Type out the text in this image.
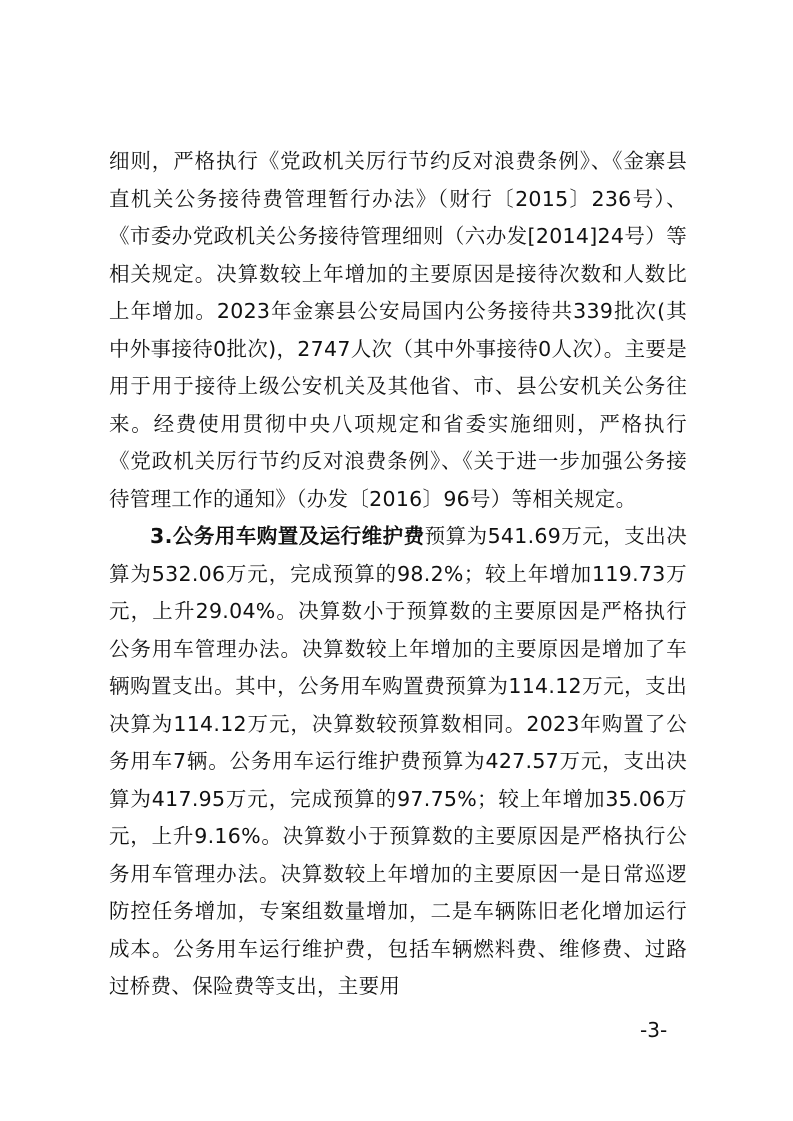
细则，严格执行《党政机关厉行节约反对浪费条例》、《金寨县直机关公务接待费管理暂行办法》（财行〔2015〕236号）、《市委办党政机关公务接待管理细则（六办发[2014]24号）等相关规定。决算数较上年增加的主要原因是接待次数和人数比上年增加。2023年金寨县公安局国内公务接待共339批次(其中外事接待0批次)，2747人次（其中外事接待0人次）。主要是用于用于接待上级公安机关及其他省、市、县公安机关公务往来。经费使用贯彻中央八项规定和省委实施细则，严格执行《党政机关厉行节约反对浪费条例》、《关于进一步加强公务接待管理工作的通知》（办发〔2016〕96号）等相关规定。

3.公务用车购置及运行维护费预算为541.69万元，支出决算为532.06万元，完成预算的98.2%；较上年增加119.73万元，上升29.04%。决算数小于预算数的主要原因是严格执行公务用车管理办法。决算数较上年增加的主要原因是增加了车辆购置支出。其中，公务用车购置费预算为114.12万元，支出决算为114.12万元，决算数较预算数相同。2023年购置了公务用车7辆。公务用车运行维护费预算为427.57万元，支出决算为417.95万元，完成预算的97.75%；较上年增加35.06万元，上升9.16%。决算数小于预算数的主要原因是严格执行公务用车管理办法。决算数较上年增加的主要原因一是日常巡逻防控任务增加，专案组数量增加，二是车辆陈旧老化增加运行成本。公务用车运行维护费，包括车辆燃料费、维修费、过路过桥费、保险费等支出，主要用

-3-
